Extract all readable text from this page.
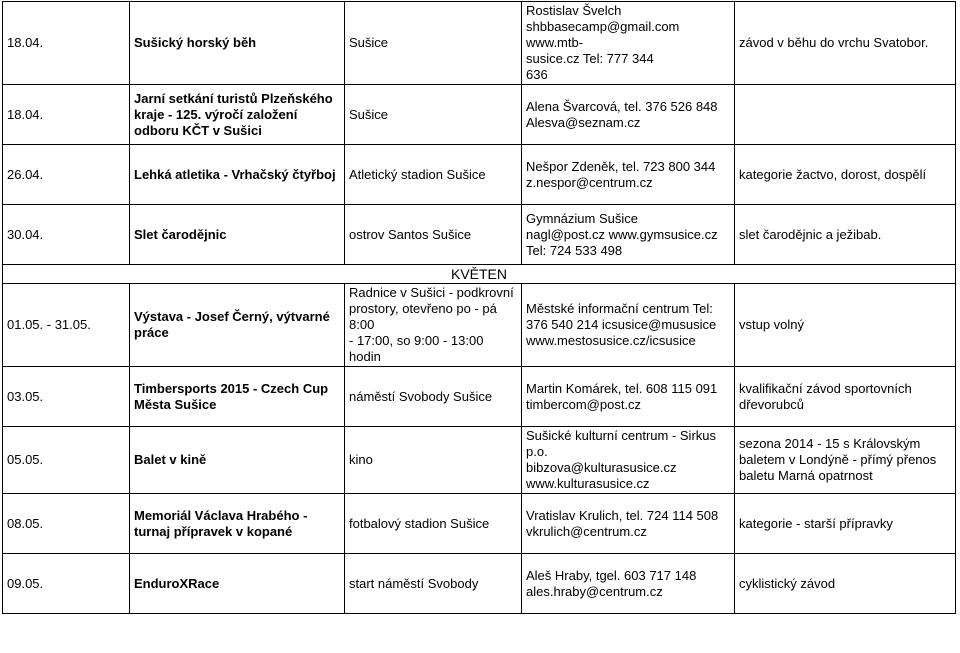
18.04.	Sušický horský běh	Sušice	Rostislav Švelch
shbbasecamp@gmail.com www.mtb-
susice.cz Tel: 777 344
636	závod v běhu do vrchu Svatobor.

18.04.	Jarní setkání turistů Plzeňského kraje - 125. výročí založení odboru KČT v Sušici	Sušice	Alena Švarcová, tel. 376 526 848
Alesva@seznam.cz	

26.04.	Lehká atletika - Vrhačský čtyřboj	Atletický stadion Sušice	Nešpor Zdeněk, tel. 723 800 344
z.nespor@centrum.cz	kategorie žactvo, dorost, dospělí

30.04.	Slet čarodějnic	ostrov Santos Sušice	Gymnázium Sušice
nagl@post.cz www.gymsusice.cz
Tel: 724 533 498	slet čarodějnic a ježibab.

KVĚTEN				
01.05. - 31.05.	Výstava - Josef Černý, výtvarné práce	Radnice v Sušici - podkrovní
prostory, otevřeno po - pá 8:00
- 17:00, so 9:00 - 13:00 hodin	Městské informační centrum Tel:
376 540 214 icsusice@mususice
www.mestosusice.cz/icsusice	vstup volný

03.05.	Timbersports 2015 - Czech Cup Města Sušice	náměstí Svobody Sušice	Martin Komárek, tel. 608 115 091
timbercom@post.cz	kvalifikační závod sportovních
dřevorubců

05.05.	Balet v kině	kino	Sušické kulturní centrum - Sirkus p.o.
bibzova@kulturasusice.cz
www.kulturasusice.cz	sezona 2014 - 15 s Královským
baletem v Londýně - přímý přenos
baletu Marná opatrnost

08.05.	Memoriál Václava Hrabého - turnaj přípravek v kopané	fotbalový stadion Sušice	Vratislav Krulich, tel. 724 114 508
vkrulich@centrum.cz	kategorie - starší přípravky

09.05.	EnduroXRace	start náměstí Svobody	Aleš Hraby, tgel. 603 717 148
ales.hraby@centrum.cz	cyklistický závod
